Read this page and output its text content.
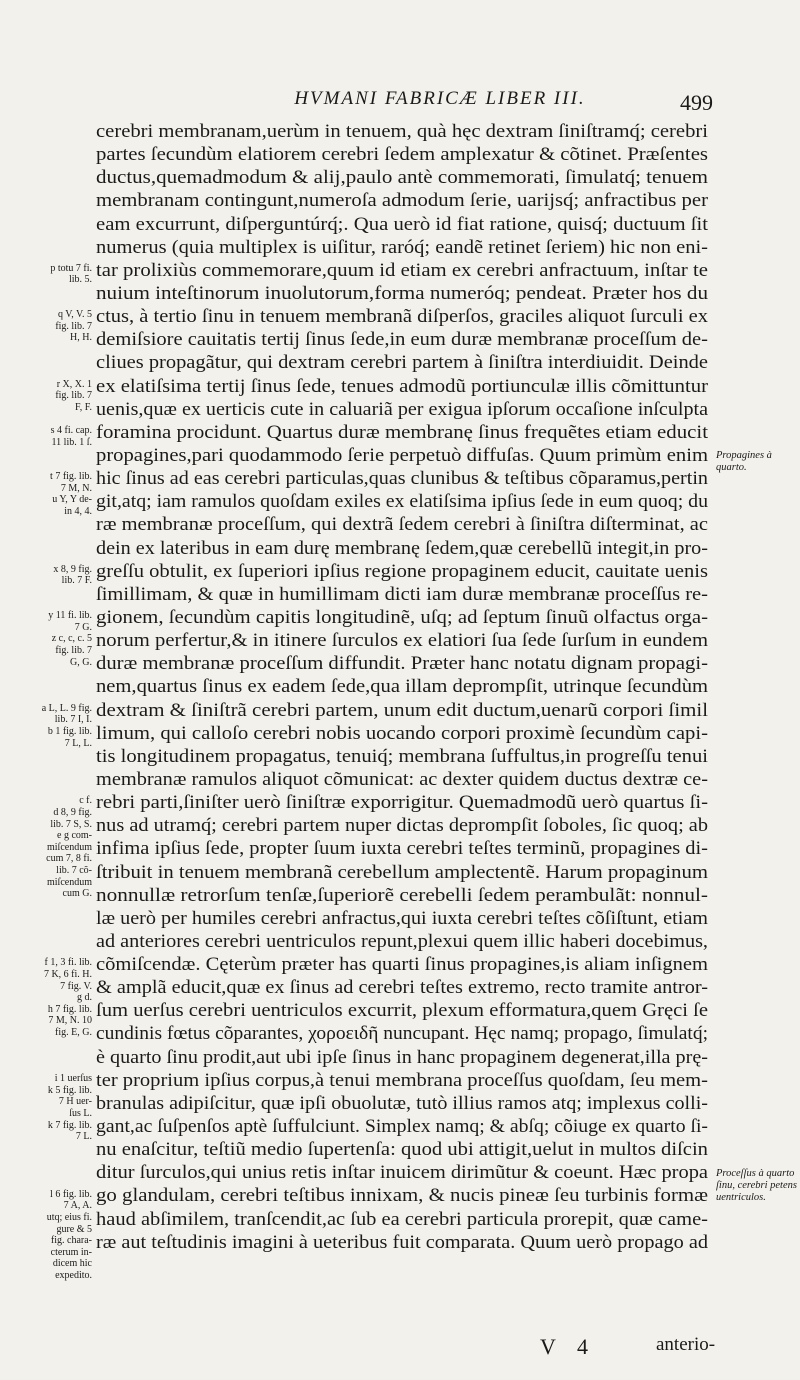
HVMANI FABRICÆ LIBER III.	499
p totu 7 fi.
lib. 5.
q V, V. 5
fig. lib. 7
H, H.
r X, X. 1
fig. lib. 7
F, F.
s 4 fi. cap.
11 lib. 1 ſ.
t 7 fig. lib.
7 M, N.
u Y, Y de-
in 4, 4.
x 8, 9 fig.
lib. 7 F.
y 11 fi. lib.
7 G.
z c, c, c. 5
fig. lib. 7
G, G.
a L, L. 9 fig.
lib. 7 I, I.
b 1 fig. lib.
7 L, L.
c f.
d 8, 9 fig.
lib. 7 S, S.
e g com-
miſcendum
cum 7, 8 fi.
lib. 7 cõ-
miſcendum
cum G.
f 1, 3 fi. lib.
7 K, 6 fi. H.
7 fig. V.
g d.
h 7 fig. lib.
7 M, N. 10
fig. E, G.
i 1 uerſus
k 5 fig. lib.
7 H uer-
ſus L.
k 7 fig. lib.
7 L.
l 6 fig. lib.
7 A, A.
utq; eius fi.
gure & 5
fig. chara-
cterum in-
dicem hic
expedito.
cerebri membranam,uerùm in tenuem, quà hęc dextram ſiniſtramq́; cerebri
partes ſecundùm elatiorem cerebri ſedem amplexatur & cõtinet. Præſentes
ductus,quemadmodum & alij,paulo antè commemorati, ſimulatq́; tenuem
membranam contingunt,numeroſa admodum ſerie, uarijsq́; anfractibus per
eam excurrunt, diſperguntúrq́;. Qua uerò id fiat ratione, quisq́; ductuum ſit
numerus (quia multiplex is uiſitur, raróq́; eandẽ retinet ſeriem) hic non eni-
tar prolixiùs commemorare,quum id etiam ex cerebri anfractuum, inſtar te
nuium inteſtinorum inuolutorum,forma numeróq; pendeat. Præter hos du
ctus, à tertio ſinu in tenuem membranã diſperſos, graciles aliquot ſurculi ex
demiſsiore cauitatis tertij ſinus ſede,in eum duræ membranæ proceſſum de-
cliues propagãtur, qui dextram cerebri partem à ſiniſtra interdiuidit. Deinde
ex elatiſsima tertij ſinus ſede, tenues admodũ portiunculæ illis cõmittuntur
uenis,quæ ex uerticis cute in caluariã per exigua ipſorum occaſione inſculpta
foramina procidunt. Quartus duræ membranę ſinus frequẽtes etiam educit
propagines,pari quodammodo ſerie perpetuò diffuſas. Quum primùm enim
hic ſinus ad eas cerebri particulas,quas clunibus & teſtibus cõparamus,pertin
git,atq; iam ramulos quoſdam exiles ex elatiſsima ipſius ſede in eum quoq; du
ræ membranæ proceſſum, qui dextrã ſedem cerebri à ſiniſtra diſterminat, ac
dein ex lateribus in eam durę membranę ſedem,quæ cerebellũ integit,in pro-
greſſu obtulit, ex ſuperiori ipſius regione propaginem educit, cauitate uenis
ſimillimam, & quæ in humillimam dicti iam duræ membranæ proceſſus re-
gionem, ſecundùm capitis longitudinẽ, uſq; ad ſeptum ſinuũ olfactus orga-
norum perfertur,& in itinere ſurculos ex elatiori ſua ſede ſurſum in eundem
duræ membranæ proceſſum diffundit. Præter hanc notatu dignam propagi-
nem,quartus ſinus ex eadem ſede,qua illam deprompſit, utrinque ſecundùm
dextram & ſiniſtrã cerebri partem, unum edit ductum,uenarũ corpori ſimil
limum, qui calloſo cerebri nobis uocando corpori proximè ſecundùm capi-
tis longitudinem propagatus, tenuiq́; membrana ſuffultus,in progreſſu tenui
membranæ ramulos aliquot cõmunicat: ac dexter quidem ductus dextræ ce-
rebri parti,ſiniſter uerò ſiniſtræ exporrigitur. Quemadmodũ uerò quartus ſi-
nus ad utramq́; cerebri partem nuper dictas deprompſit ſoboles, ſic quoq; ab
infima ipſius ſede, propter ſuum iuxta cerebri teſtes terminũ, propagines di-
ſtribuit in tenuem membranã cerebellum amplectentẽ. Harum propaginum
nonnullæ retrorſum tenſæ,ſuperiorẽ cerebelli ſedem perambulãt: nonnul-
læ uerò per humiles cerebri anfractus,qui iuxta cerebri teſtes cõſiſtunt, etiam
ad anteriores cerebri uentriculos repunt,plexui quem illic haberi docebimus,
cõmiſcendæ. Cęterùm præter has quarti ſinus propagines,is aliam inſignem
& amplã educit,quæ ex ſinus ad cerebri teſtes extremo, recto tramite antror-
ſum uerſus cerebri uentriculos excurrit, plexum efformatura,quem Gręci ſe
cundinis fœtus cõparantes, χοροειδῆ nuncupant. Hęc namq; propago, ſimulatq́;
è quarto ſinu prodit,aut ubi ipſe ſinus in hanc propaginem degenerat,illa prę-
ter proprium ipſius corpus,à tenui membrana proceſſus quoſdam, ſeu mem-
branulas adipiſcitur, quæ ipſi obuolutæ, tutò illius ramos atq; implexus colli-
gant,ac ſuſpenſos aptè ſuffulciunt. Simplex namq; & abſq; cõiuge ex quarto ſi-
nu enaſcitur, teſtiũ medio ſupertenſa: quod ubi attigit,uelut in multos diſcin
ditur ſurculos,qui unius retis inſtar inuicem dirimũtur & coeunt. Hæc propa
go glandulam, cerebri teſtibus innixam, & nucis pineæ ſeu turbinis formæ
haud abſimilem, tranſcendit,ac ſub ea cerebri particula prorepit, quæ came-
ræ aut teſtudinis imagini à ueteribus fuit comparata. Quum uerò propago ad
Propagines à quarto.
Proceſſus à quarto ſinu, cerebri petens uentriculos.
V 4	anterio-
